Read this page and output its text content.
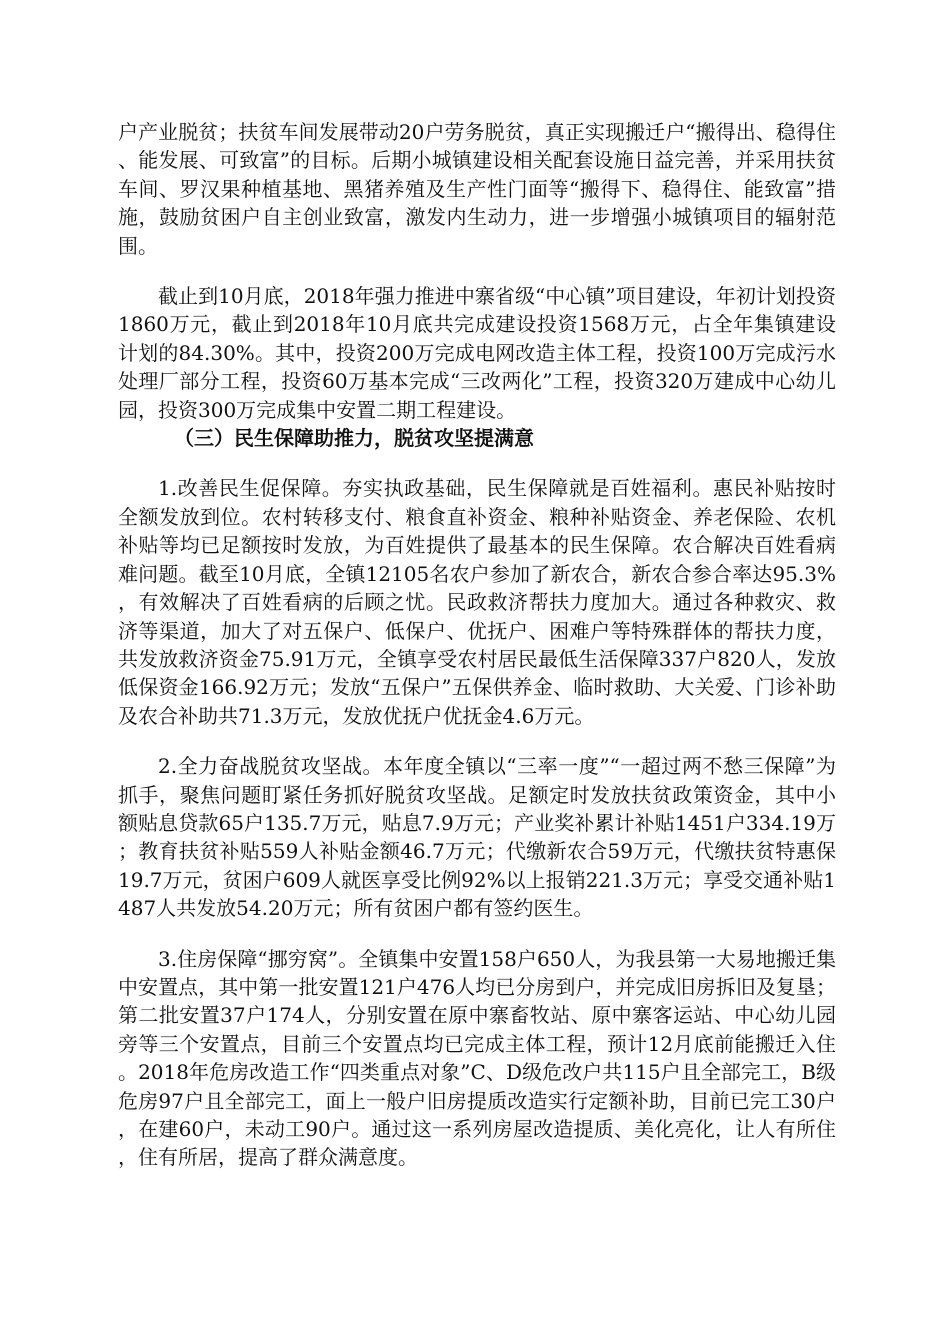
户产业脱贫；扶贫车间发展带动20户劳务脱贫，真正实现搬迁户“搬得出、稳得住、能发展、可致富”的目标。后期小城镇建设相关配套设施日益完善，并采用扶贫车间、罗汉果种植基地、黑猪养殖及生产性门面等“搬得下、稳得住、能致富”措施，鼓励贫困户自主创业致富，激发内生动力，进一步增强小城镇项目的辐射范围。

截止到10月底，2018年强力推进中寨省级“中心镇”项目建设，年初计划投资1860万元，截止到2018年10月底共完成建设投资1568万元，占全年集镇建设计划的84.30%。其中，投资200万完成电网改造主体工程，投资100万完成污水处理厂部分工程，投资60万基本完成“三改两化”工程，投资320万建成中心幼儿园，投资300万完成集中安置二期工程建设。

（三）民生保障助推力，脱贫攻坚提满意

1.改善民生促保障。夯实执政基础，民生保障就是百姓福利。惠民补贴按时全额发放到位。农村转移支付、粮食直补资金、粮种补贴资金、养老保险、农机补贴等均已足额按时发放，为百姓提供了最基本的民生保障。农合解决百姓看病难问题。截至10月底，全镇12105名农户参加了新农合，新农合参合率达95.3%，有效解决了百姓看病的后顾之忧。民政救济帮扶力度加大。通过各种救灾、救济等渠道，加大了对五保户、低保户、优抚户、困难户等特殊群体的帮扶力度，共发放救济资金75.91万元，全镇享受农村居民最低生活保障337户820人，发放低保资金166.92万元；发放“五保户”五保供养金、临时救助、大关爱、门诊补助及农合补助共71.3万元，发放优抚户优抚金4.6万元。

2.全力奋战脱贫攻坚战。本年度全镇以“三率一度”“一超过两不愁三保障”为抓手，聚焦问题盯紧任务抓好脱贫攻坚战。足额定时发放扶贫政策资金，其中小额贴息贷款65户135.7万元，贴息7.9万元；产业奖补累计补贴1451户334.19万；教育扶贫补贴559人补贴金额46.7万元；代缴新农合59万元，代缴扶贫特惠保19.7万元，贫困户609人就医享受比例92%以上报销221.3万元；享受交通补贴1487人共发放54.20万元；所有贫困户都有签约医生。

3.住房保障“挪穷窝”。全镇集中安置158户650人，为我县第一大易地搬迁集中安置点，其中第一批安置121户476人均已分房到户，并完成旧房拆旧及复垦；第二批安置37户174人，分别安置在原中寨畜牧站、原中寨客运站、中心幼儿园旁等三个安置点，目前三个安置点均已完成主体工程，预计12月底前能搬迁入住。2018年危房改造工作“四类重点对象”C、D级危改户共115户且全部完工，B级危房97户且全部完工，面上一般户旧房提质改造实行定额补助，目前已完工30户，在建60户，未动工90户。通过这一系列房屋改造提质、美化亮化，让人有所住，住有所居，提高了群众满意度。
